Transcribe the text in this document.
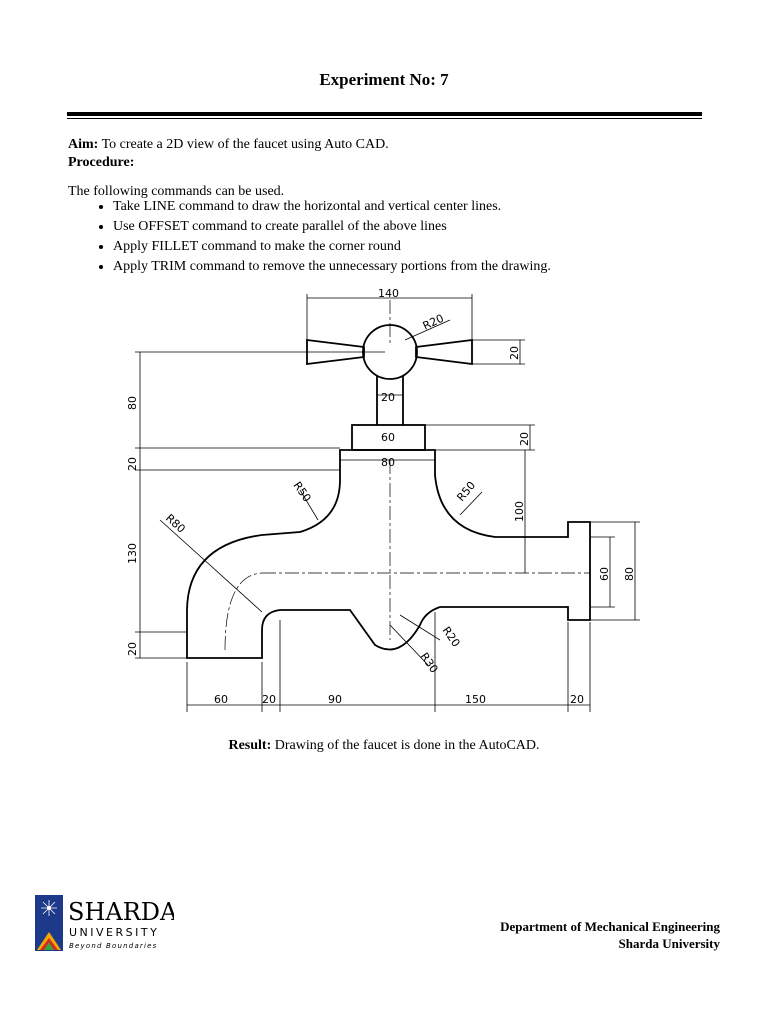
Experiment No: 7
Aim: To create a 2D view of the faucet using Auto CAD.
Procedure:
The following commands can be used.
• Take LINE command to draw the horizontal and vertical center lines.
• Use OFFSET command to create parallel of the above lines
• Apply FILLET command to make the corner round
• Apply TRIM command to remove the unnecessary portions from the drawing.
140
R20
20
80	20
60	20
80
20
R50	R50
100
R80
130
60 80
R20
R30
20
60	20	90	150	20
Result: Drawing of the faucet is done in the AutoCAD.
SHARDA
UNIVERSITY
Beyond Boundaries
Department of Mechanical Engineering
Sharda University
